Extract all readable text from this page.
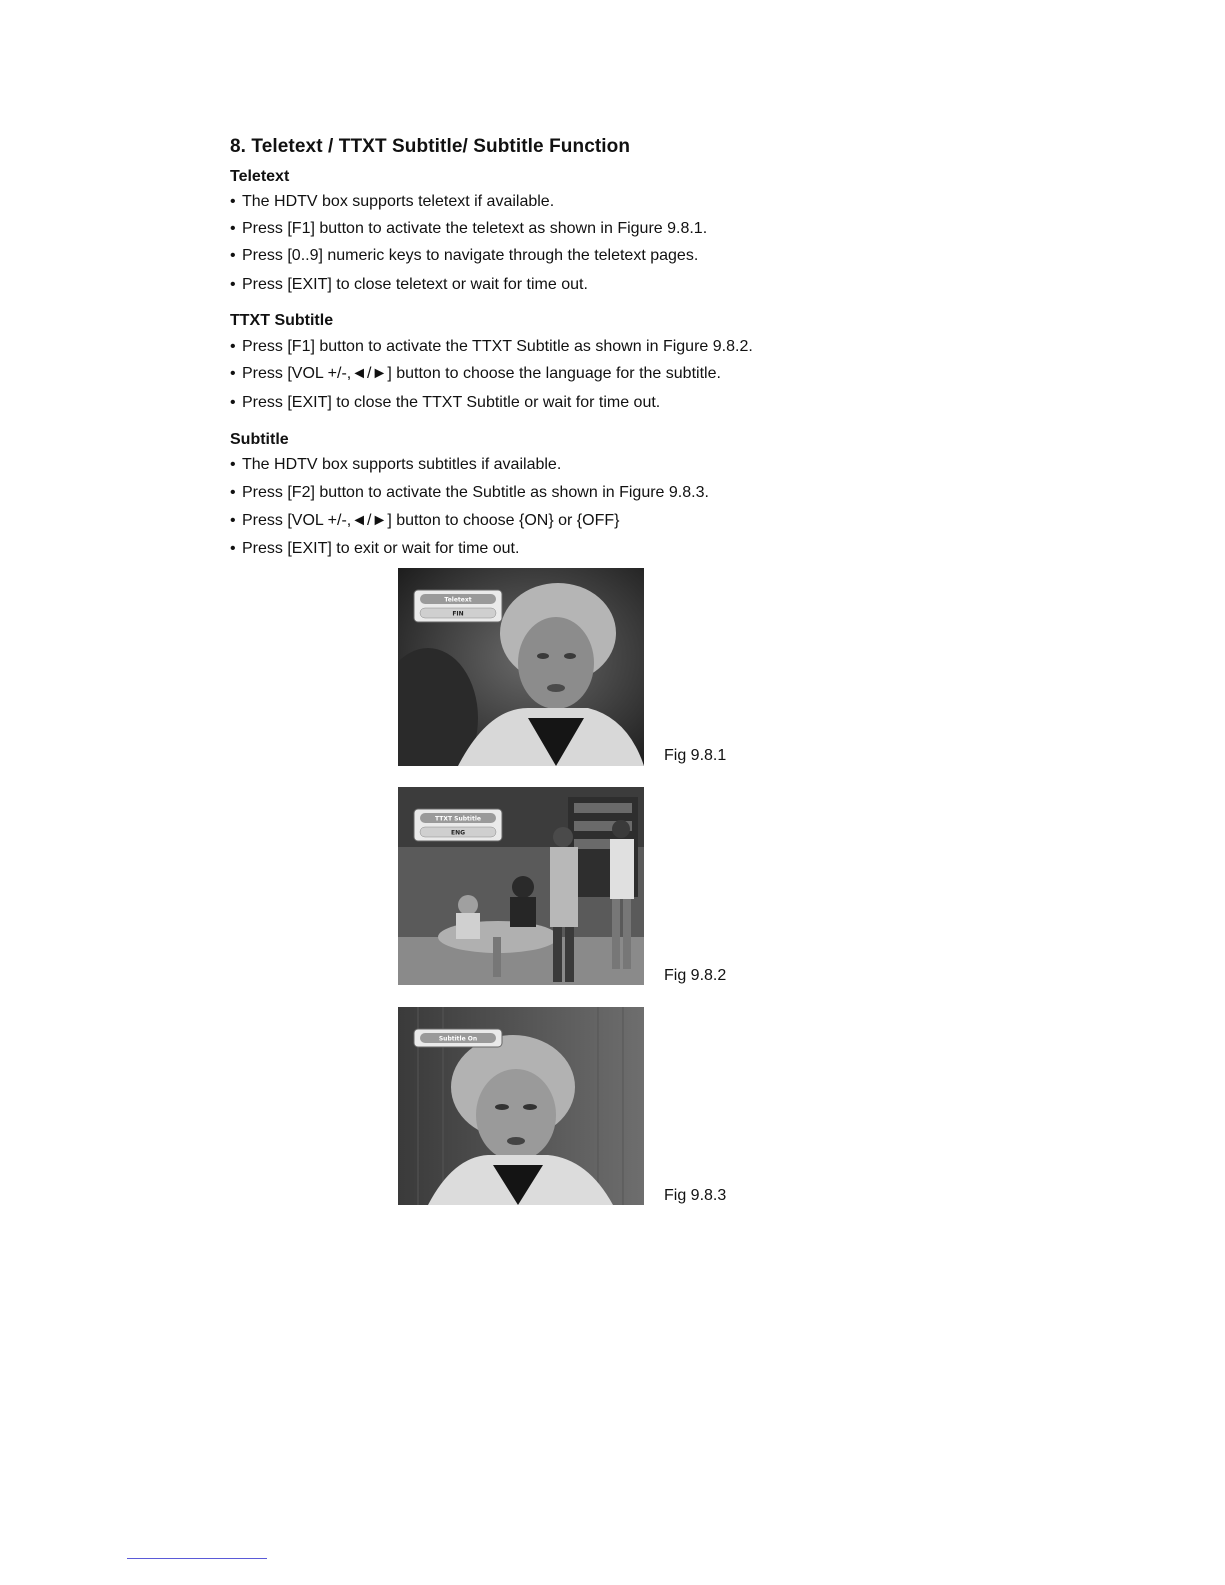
8. Teletext / TTXT Subtitle/ Subtitle Function
Teletext

• The HDTV box supports teletext if available.

• Press [F1] button to activate the teletext as shown in Figure 9.8.1.

• Press [0..9] numeric keys to navigate through the teletext pages.

• Press [EXIT] to close teletext or wait for time out.

TTXT Subtitle

• Press [F1] button to activate the TTXT Subtitle as shown in Figure 9.8.2.

• Press [VOL +/-,◄/►] button to choose the language for the subtitle.

• Press [EXIT] to close the TTXT Subtitle or wait for time out.

Subtitle

• The HDTV box supports subtitles if available.

• Press [F2] button to activate the Subtitle as shown in Figure 9.8.3.

• Press [VOL +/-,◄/►] button to choose {ON} or {OFF}

• Press [EXIT] to exit or wait for time out.

Teletext
FIN

Fig 9.8.1

TTXT Subtitle
ENG

Fig 9.8.2

Subtitle On

Fig 9.8.3
